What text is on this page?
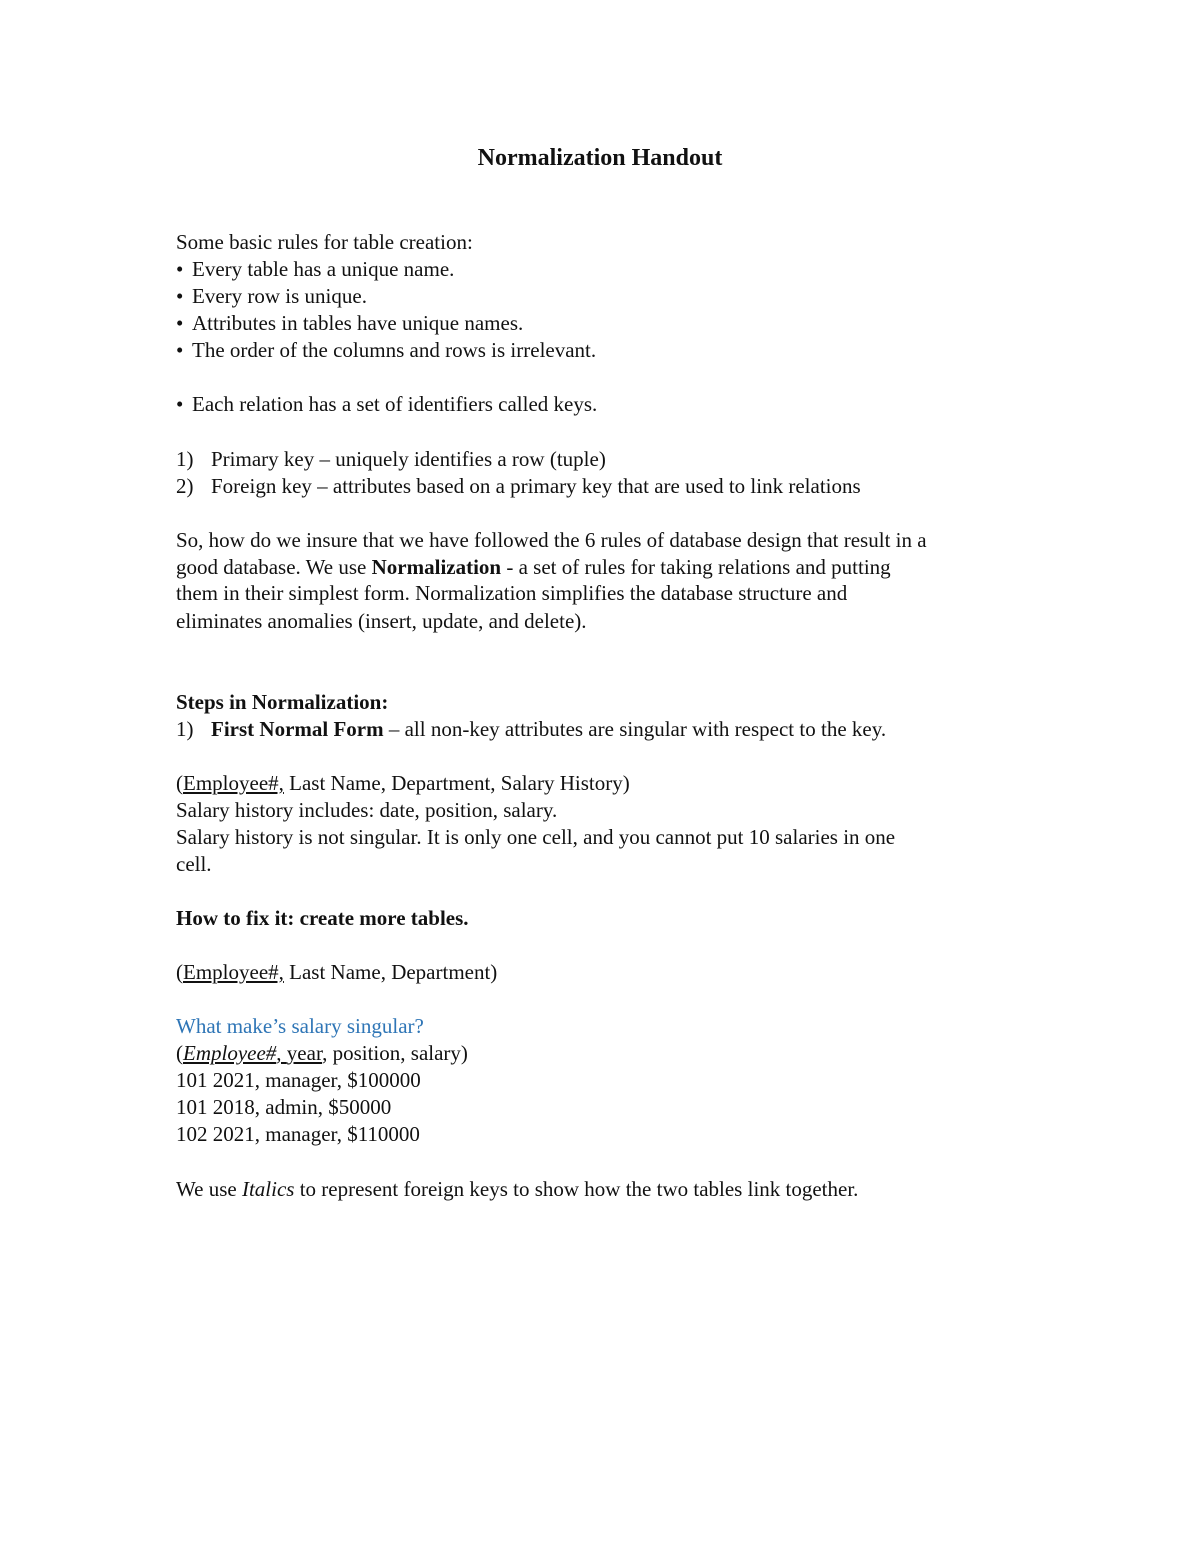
Normalization Handout
Some basic rules for table creation:
• Every table has a unique name.
• Every row is unique.
• Attributes in tables have unique names.
• The order of the columns and rows is irrelevant.
• Each relation has a set of identifiers called keys.
1) Primary key – uniquely identifies a row (tuple)
2) Foreign key – attributes based on a primary key that are used to link relations
So, how do we insure that we have followed the 6 rules of database design that result in a
good database. We use Normalization - a set of rules for taking relations and putting
them in their simplest form. Normalization simplifies the database structure and
eliminates anomalies (insert, update, and delete).
Steps in Normalization:
1) First Normal Form – all non-key attributes are singular with respect to the key.
(Employee#, Last Name, Department, Salary History)
Salary history includes: date, position, salary.
Salary history is not singular. It is only one cell, and you cannot put 10 salaries in one
cell.
How to fix it: create more tables.
(Employee#, Last Name, Department)
What make’s salary singular?
(Employee#, year, position, salary)
101 2021, manager, $100000
101 2018, admin, $50000
102 2021, manager, $110000
We use Italics to represent foreign keys to show how the two tables link together.
